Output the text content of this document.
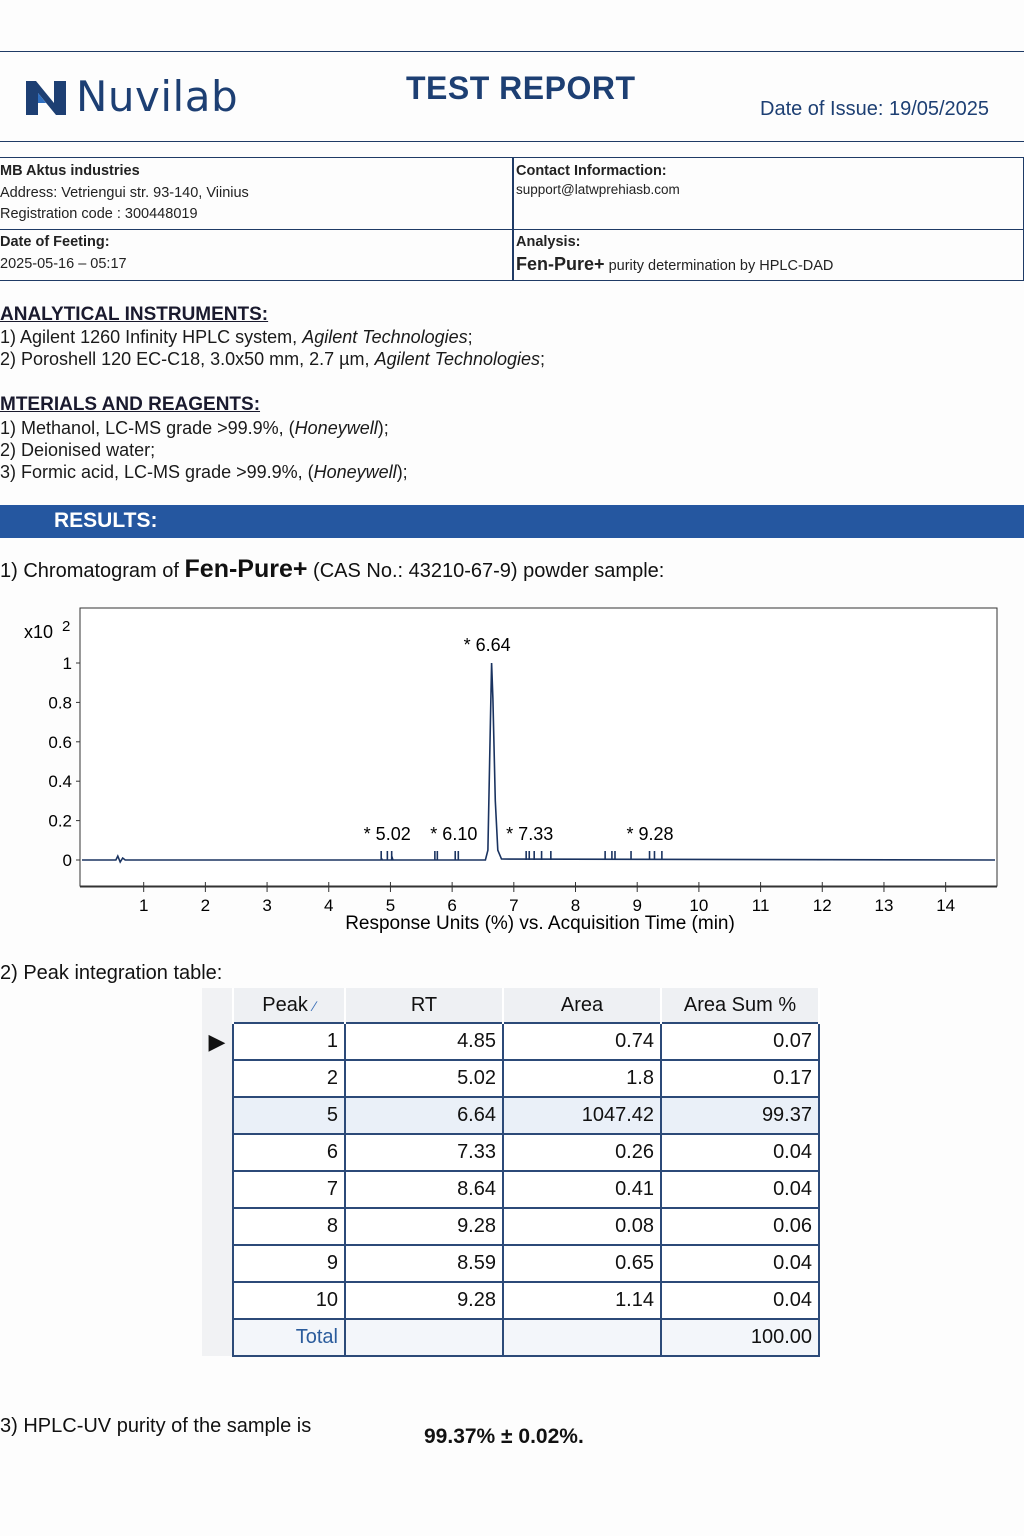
Nuvilab	TEST REPORT
Date of Issue: 19/05/2025
MB Aktus industries
Address: Vetriengui str. 93-140, Viinius
Registration code : 300448019
Contact Informaction:
support@latwprehiasb.com
Date of Feeting:
2025-05-16 – 05:17
Analysis:
Fen-Pure+ purity determination by HPLC-DAD
ANALYTICAL INSTRUMENTS:
1) Agilent 1260 Infinity HPLC system, Agilent Technologies;
2) Poroshell 120 EC-C18, 3.0x50 mm, 2.7 µm, Agilent Technologies;
MTERIALS AND REAGENTS:
1) Methanol, LC-MS grade >99.9%, (Honeywell);
2) Deionised water;
3) Formic acid, LC-MS grade >99.9%, (Honeywell);
RESULTS:
1) Chromatogram of Fen-Pure+ (CAS No.: 43210-67-9) powder sample:
0
0.2
0.4
0.6
0.8
1
1	2	3	4	5	6	7	8	9	10	11	12	13	14
* 6.64
* 5.02 * 6.10 * 7.33	* 9.28
x10 2
Response Units (%) vs. Acquisition Time (min)
2) Peak integration table:
	Peak ∕	RT	Area	Area Sum %
▶	1	4.85	0.74	0.07
	2	5.02	1.8	0.17
	5	6.64	1047.42	99.37
	6	7.33	0.26	0.04
	7	8.64	0.41	0.04
	8	9.28	0.08	0.06
	9	8.59	0.65	0.04
	10	9.28	1.14	0.04
	Total			100.00
3) HPLC-UV purity of the sample is	99.37% ± 0.02%.
